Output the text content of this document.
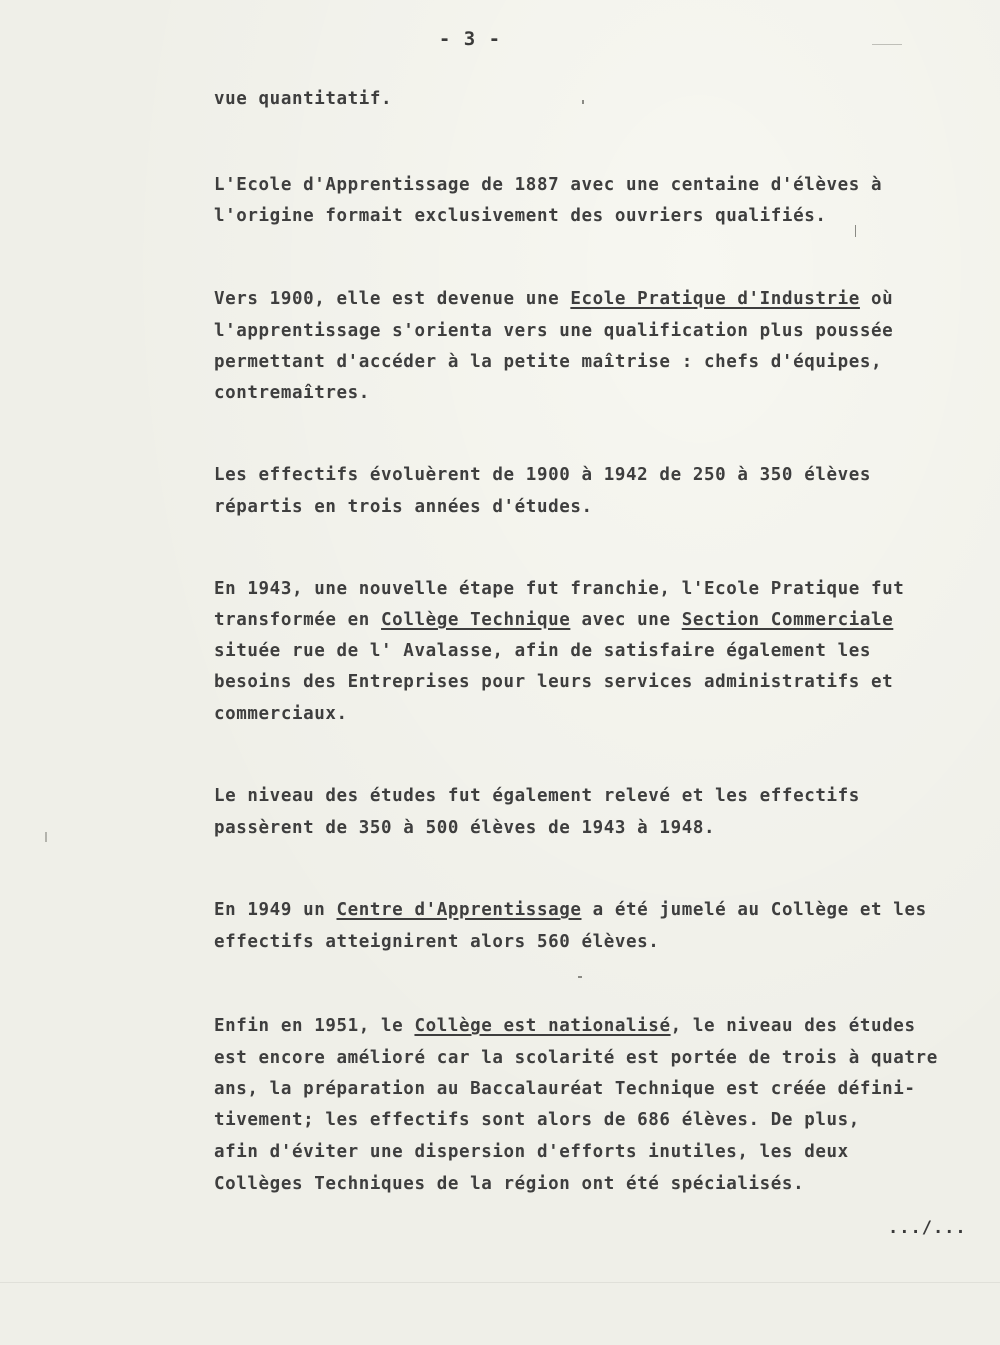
- 3 -
vue quantitatif.
L'Ecole d'Apprentissage de 1887 avec une centaine d'élèves à
l'origine formait exclusivement des ouvriers qualifiés.
Vers 1900, elle est devenue une Ecole Pratique d'Industrie où
l'apprentissage s'orienta vers une qualification plus poussée
permettant d'accéder à la petite maîtrise : chefs d'équipes,
contremaîtres.
Les effectifs évoluèrent de 1900 à 1942 de 250 à 350 élèves
répartis en trois années d'études.
En 1943, une nouvelle étape fut franchie, l'Ecole Pratique fut
transformée en Collège Technique avec une Section Commerciale
située rue de l' Avalasse, afin de satisfaire également les
besoins des Entreprises pour leurs services administratifs et
commerciaux.
Le niveau des études fut également relevé et les effectifs
passèrent de 350 à 500 élèves de 1943 à 1948.
En 1949 un Centre d'Apprentissage a été jumelé au Collège et les
effectifs atteignirent alors 560 élèves.
Enfin en 1951, le Collège est nationalisé, le niveau des études
est encore amélioré car la scolarité est portée de trois à quatre
ans, la préparation au Baccalauréat Technique est créée défini-
tivement; les effectifs sont alors de 686 élèves. De plus,
afin d'éviter une dispersion d'efforts inutiles, les deux
Collèges Techniques de la région ont été spécialisés.
.../...
